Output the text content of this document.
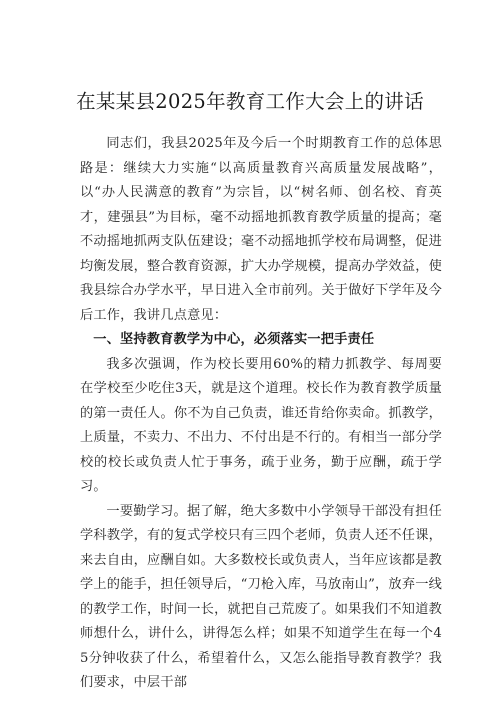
在某某县2025年教育工作大会上的讲话

同志们，我县2025年及今后一个时期教育工作的总体思路是：继续大力实施“以高质量教育兴高质量发展战略”，以“办人民满意的教育”为宗旨，以“树名师、创名校、育英才，建强县”为目标，毫不动摇地抓教育教学质量的提高；毫不动摇地抓两支队伍建设；毫不动摇地抓学校布局调整，促进均衡发展，整合教育资源，扩大办学规模，提高办学效益，使我县综合办学水平，早日进入全市前列。关于做好下学年及今后工作，我讲几点意见：

一、坚持教育教学为中心，必须落实一把手责任

我多次强调，作为校长要用60%的精力抓教学、每周要在学校至少吃住3天，就是这个道理。校长作为教育教学质量的第一责任人。你不为自己负责，谁还肯给你卖命。抓教学，上质量，不卖力、不出力、不付出是不行的。有相当一部分学校的校长或负责人忙于事务，疏于业务，勤于应酬，疏于学习。

一要勤学习。据了解，绝大多数中小学领导干部没有担任学科教学，有的复式学校只有三四个老师，负责人还不任课，来去自由，应酬自如。大多数校长或负责人，当年应该都是教学上的能手，担任领导后，“刀枪入库，马放南山”，放弃一线的教学工作，时间一长，就把自己荒废了。如果我们不知道教师想什么，讲什么，讲得怎么样；如果不知道学生在每一个45分钟收获了什么，希望着什么，又怎么能指导教育教学？我们要求，中层干部
